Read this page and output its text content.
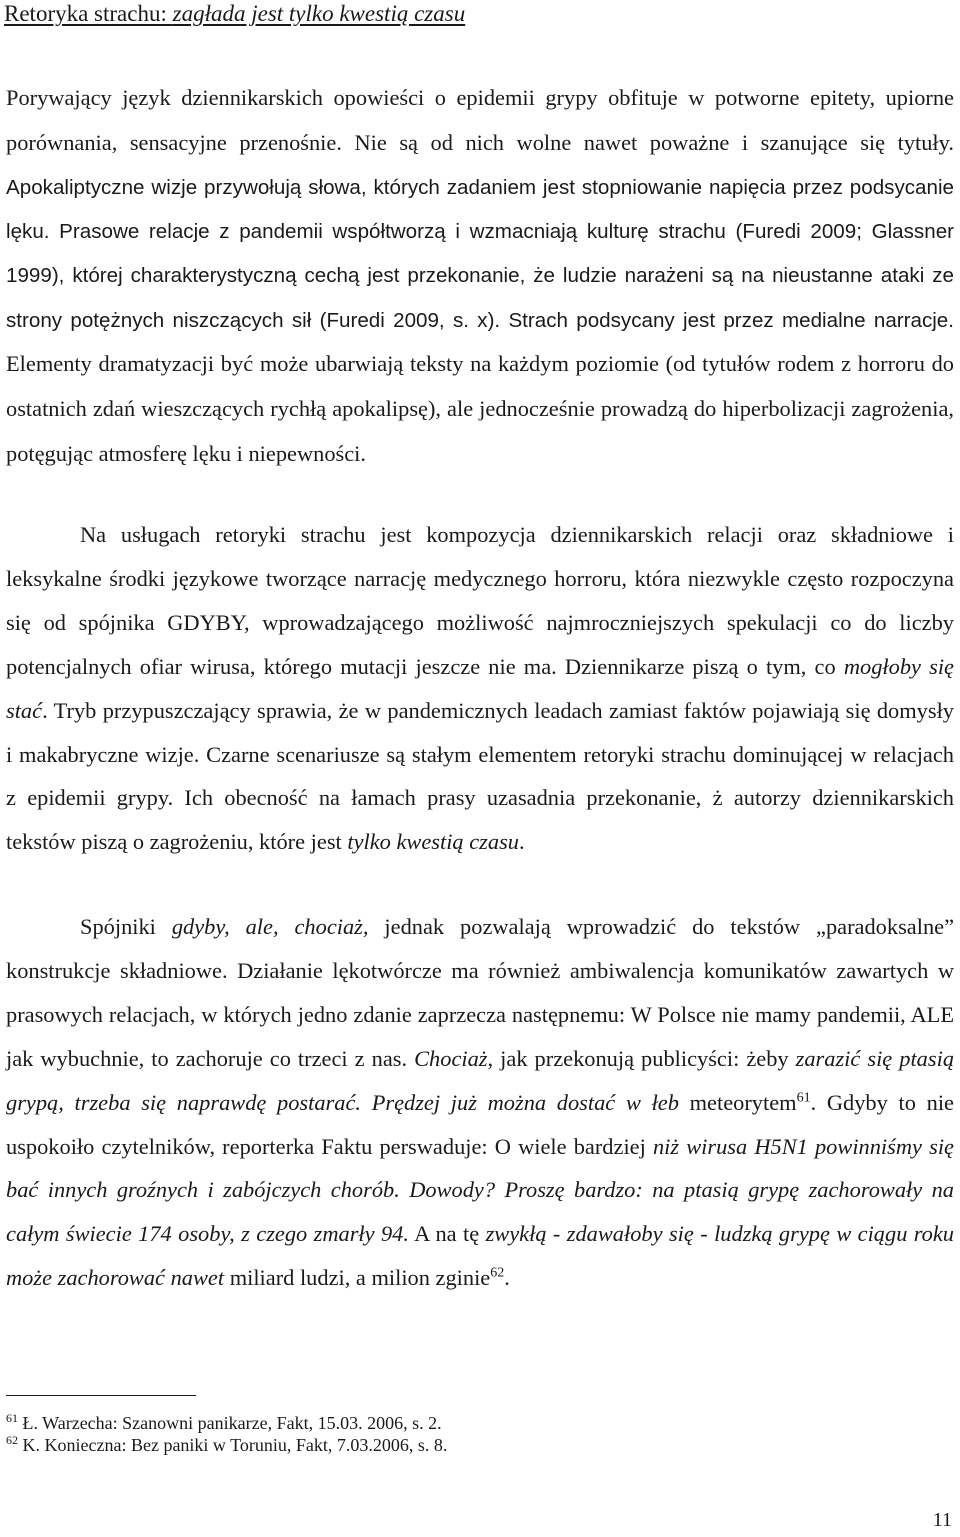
Retoryka strachu: zagłada jest tylko kwestią czasu

Porywający język dziennikarskich opowieści o epidemii grypy obfituje w potworne epitety, upiorne porównania, sensacyjne przenośnie. Nie są od nich wolne nawet poważne i szanujące się tytuły. Apokaliptyczne wizje przywołują słowa, których zadaniem jest stopniowanie napięcia przez podsycanie lęku. Prasowe relacje z pandemii współtworzą i wzmacniają kulturę strachu (Furedi 2009; Glassner 1999), której charakterystyczną cechą jest przekonanie, że ludzie narażeni są na nieustanne ataki ze strony potężnych niszczących sił (Furedi 2009, s. x). Strach podsycany jest przez medialne narracje. Elementy dramatyzacji być może ubarwiają teksty na każdym poziomie (od tytułów rodem z horroru do ostatnich zdań wieszczących rychłą apokalipsę), ale jednocześnie prowadzą do hiperbolizacji zagrożenia, potęgując atmosferę lęku i niepewności.

Na usługach retoryki strachu jest kompozycja dziennikarskich relacji oraz składniowe i leksykalne środki językowe tworzące narrację medycznego horroru, która niezwykle często rozpoczyna się od spójnika GDYBY, wprowadzającego możliwość najmroczniejszych spekulacji co do liczby potencjalnych ofiar wirusa, którego mutacji jeszcze nie ma. Dziennikarze piszą o tym, co mogłoby się stać. Tryb przypuszczający sprawia, że w pandemicznych leadach zamiast faktów pojawiają się domysły i makabryczne wizje. Czarne scenariusze są stałym elementem retoryki strachu dominującej w relacjach z epidemii grypy. Ich obecność na łamach prasy uzasadnia przekonanie, ż autorzy dziennikarskich tekstów piszą o zagrożeniu, które jest tylko kwestią czasu.

Spójniki gdyby, ale, chociaż, jednak pozwalają wprowadzić do tekstów „paradoksalne” konstrukcje składniowe. Działanie lękotwórcze ma również ambiwalencja komunikatów zawartych w prasowych relacjach, w których jedno zdanie zaprzecza następnemu: W Polsce nie mamy pandemii, ALE jak wybuchnie, to zachoruje co trzeci z nas. Chociaż, jak przekonują publicyści: żeby zarazić się ptasią grypą, trzeba się naprawdę postarać. Prędzej już można dostać w łeb meteorytem$^{61}$. Gdyby to nie uspokoiło czytelników, reporterka Faktu perswaduje: O wiele bardziej niż wirusa H5N1 powinniśmy się bać innych groźnych i zabójczych chorób. Dowody? Proszę bardzo: na ptasią grypę zachorowały na całym świecie 174 osoby, z czego zmarły 94. A na tę zwykłą - zdawałoby się - ludzką grypę w ciągu roku może zachorować nawet miliard ludzi, a milion zginie$^{62}$.

$^{61}$ Ł. Warzecha: Szanowni panikarze, Fakt, 15.03. 2006, s. 2.
$^{62}$ K. Konieczna: Bez paniki w Toruniu, Fakt, 7.03.2006, s. 8.
11
